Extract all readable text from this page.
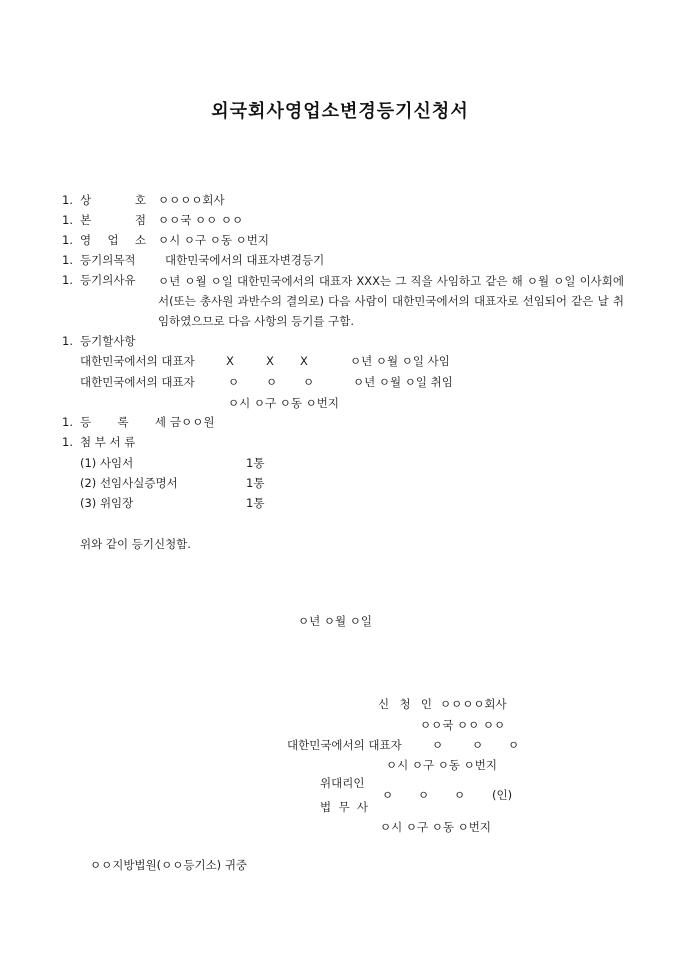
외국회사영업소변경등기신청서
1. 상 호 ㅇㅇㅇㅇ회사
1. 본 점 ㅇㅇ국 ㅇㅇ ㅇㅇ
1. 영 업 소 ㅇ시 ㅇ구 ㅇ동 ㅇ번지
1. 등기의목적	대한민국에서의 대표자변경등기
1. 등기의사유 ㅇ년 ㅇ월 ㅇ일 대한민국에서의 대표자 XXX는 그 직을 사임하고 같은 해 ㅇ월 ㅇ일 이사회에서(또는 총사원 과반수의 결의로) 다음 사람이 대한민국에서의 대표자로 선임되어 같은 날 취임하였으므로 다음 사항의 등기를 구함.
1. 등기할사항
대한민국에서의 대표자	X	X X	ㅇ년 ㅇ월 ㅇ일 사임
대한민국에서의 대표자	ㅇ ㅇ ㅇ	ㅇ년 ㅇ월 ㅇ일 취임
ㅇ시 ㅇ구 ㅇ동 ㅇ번지
1. 등 록 세 금ㅇㅇ원
1. 첨 부 서 류
(1) 사임서	1통
(2) 선임사실증명서	1통
(3) 위임장	1통
위와 같이 등기신청함.
ㅇ년 ㅇ월 ㅇ일
신 청 인 ㅇㅇㅇㅇ회사
ㅇㅇ국 ㅇㅇ ㅇㅇ
대한민국에서의 대표자	ㅇ	ㅇ ㅇ
ㅇ시 ㅇ구 ㅇ동 ㅇ번지
위대리인
법 무 사
ㅇ ㅇ ㅇ (인)
ㅇ시 ㅇ구 ㅇ동 ㅇ번지
ㅇㅇ지방법원(ㅇㅇ등기소) 귀중
